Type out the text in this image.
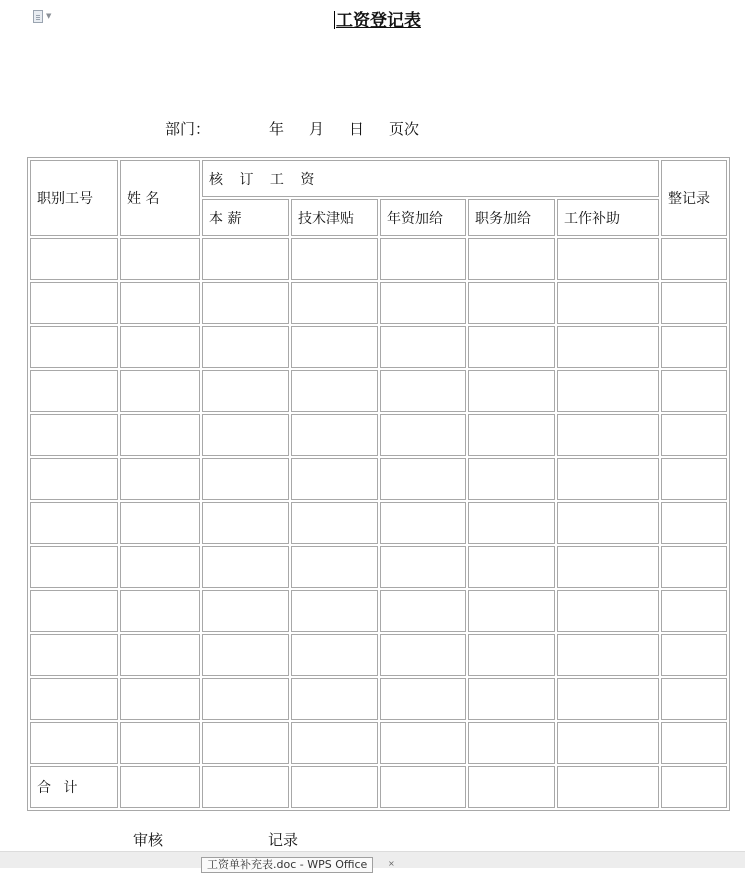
▼	工资登记表
部门：	年 月 日 页次
职别工号	姓 名	核 订 工 资					整记录
		本 薪	技术津贴	年资加给	职务加给	工作补助	

合 计							
审核	记录
工资单补充表.doc - WPS Office	×
